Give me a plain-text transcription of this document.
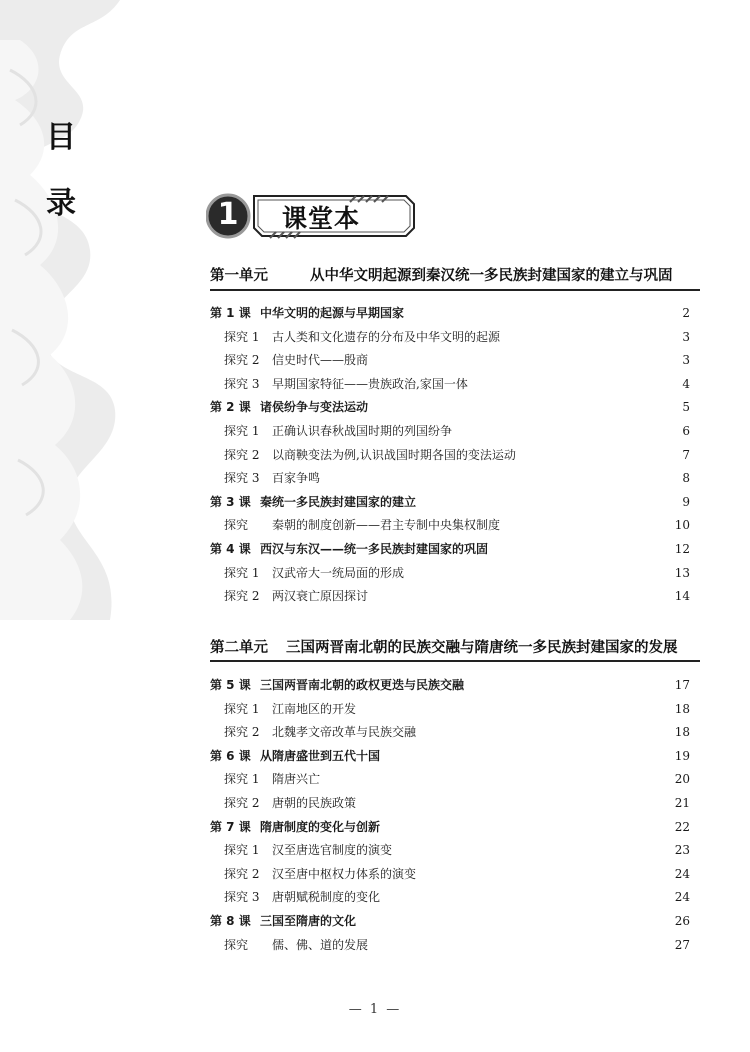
目
录	1 课堂本
第一单元	从中华文明起源到秦汉统一多民族封建国家的建立与巩固
第 1 课 中华文明的起源与早期国家	2
探究 1 古人类和文化遗存的分布及中华文明的起源	3
探究 2 信史时代——殷商	3
探究 3 早期国家特征——贵族政治,家国一体	4
第 2 课 诸侯纷争与变法运动	5
探究 1 正确认识春秋战国时期的列国纷争	6
探究 2 以商鞅变法为例,认识战国时期各国的变法运动	7
探究 3 百家争鸣	8
第 3 课 秦统一多民族封建国家的建立	9
探究 秦朝的制度创新——君主专制中央集权制度	10
第 4 课 西汉与东汉——统一多民族封建国家的巩固	12
探究 1 汉武帝大一统局面的形成	13
探究 2 两汉衰亡原因探讨	14
第二单元 三国两晋南北朝的民族交融与隋唐统一多民族封建国家的发展
第 5 课 三国两晋南北朝的政权更迭与民族交融	17
探究 1 江南地区的开发	18
探究 2 北魏孝文帝改革与民族交融	18
第 6 课 从隋唐盛世到五代十国	19
探究 1 隋唐兴亡	20
探究 2 唐朝的民族政策	21
第 7 课 隋唐制度的变化与创新	22
探究 1 汉至唐选官制度的演变	23
探究 2 汉至唐中枢权力体系的演变	24
探究 3 唐朝赋税制度的变化	24
第 8 课 三国至隋唐的文化	26
探究 儒、佛、道的发展	27
— 1 —
